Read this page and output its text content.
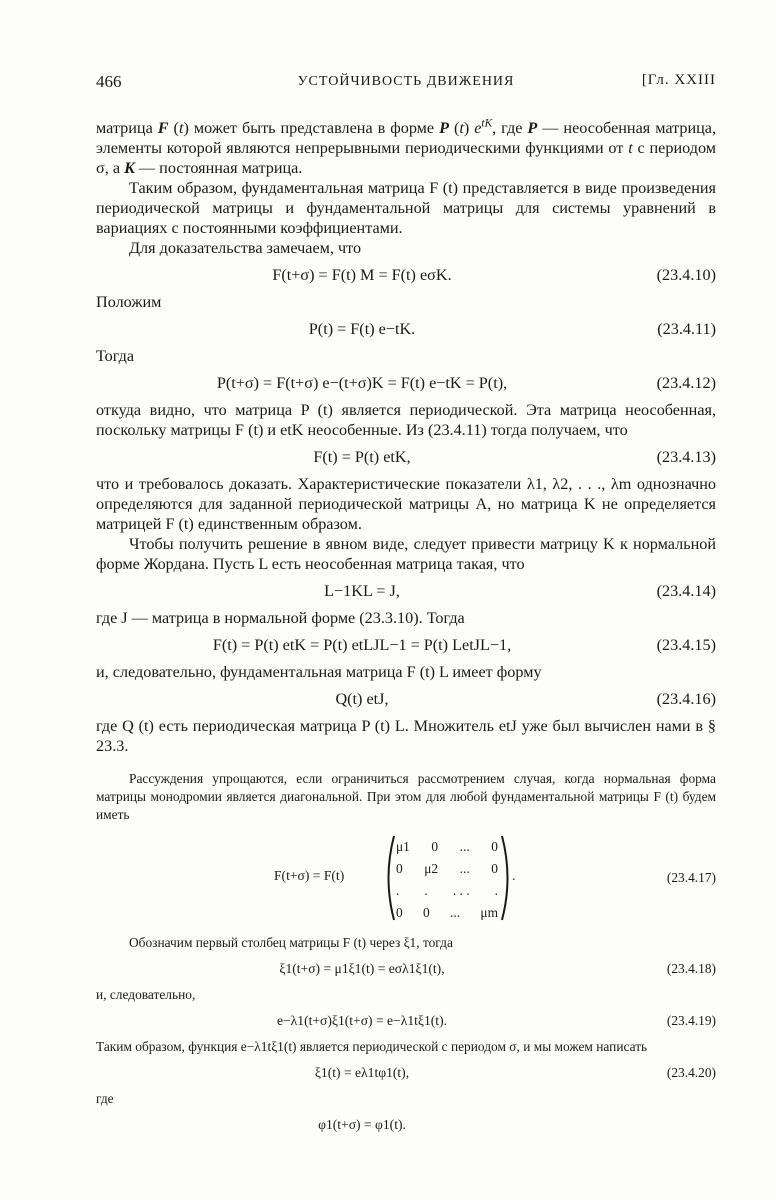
466	УСТОЙЧИВОСТЬ ДВИЖЕНИЯ	[Гл. XXIII

матрица F (t) может быть представлена в форме P (t) $e^{tK}$, где P — неособенная матрица, элементы которой являются непрерывными периодическими функциями от t с периодом σ, а K — постоянная матрица.

Таким образом, фундаментальная матрица F (t) представляется в виде произведения периодической матрицы и фундаментальной матрицы для системы уравнений в вариациях с постоянными коэффициентами.

Для доказательства замечаем, что

F(t+σ) = F(t) M = F(t) eσK.	(23.4.10)

Положим

P(t) = F(t) e−tK.	(23.4.11)

Тогда

P(t+σ) = F(t+σ) e−(t+σ)K = F(t) e−tK = P(t),	(23.4.12)

откуда видно, что матрица P (t) является периодической. Эта матрица неособенная, поскольку матрицы F (t) и etK неособенные. Из (23.4.11) тогда получаем, что

F(t) = P(t) etK,	(23.4.13)

что и требовалось доказать. Характеристические показатели λ1, λ2, . . ., λm однозначно определяются для заданной периодической матрицы A, но матрица K не определяется матрицей F (t) единственным образом.

Чтобы получить решение в явном виде, следует привести матрицу K к нормальной форме Жордана. Пусть L есть неособенная матрица такая, что

L−1KL = J,	(23.4.14)

где J — матрица в нормальной форме (23.3.10). Тогда

F(t) = P(t) etK = P(t) etLJL−1 = P(t) LetJL−1,	(23.4.15)

и, следовательно, фундаментальная матрица F (t) L имеет форму

Q(t) etJ,	(23.4.16)

где Q (t) есть периодическая матрица P (t) L. Множитель etJ уже был вычислен нами в § 23.3.

Рассуждения упрощаются, если ограничиться рассмотрением случая, когда нормальная форма матрицы монодромии является диагональной. При этом для любой фундаментальной матрицы F (t) будем иметь

F(t+σ) = F(t)
μ1 0 ... 0
0 μ2 ... 0
. . . . . .
0 0 ... μm
.	(23.4.17)

Обозначим первый столбец матрицы F (t) через ξ1, тогда

ξ1(t+σ) = μ1ξ1(t) = eσλ1ξ1(t),	(23.4.18)

и, следовательно,

e−λ1(t+σ)ξ1(t+σ) = e−λ1tξ1(t).	(23.4.19)

Таким образом, функция e−λ1tξ1(t) является периодической с периодом σ, и мы можем написать

ξ1(t) = eλ1tφ1(t),	(23.4.20)

где

φ1(t+σ) = φ1(t).
